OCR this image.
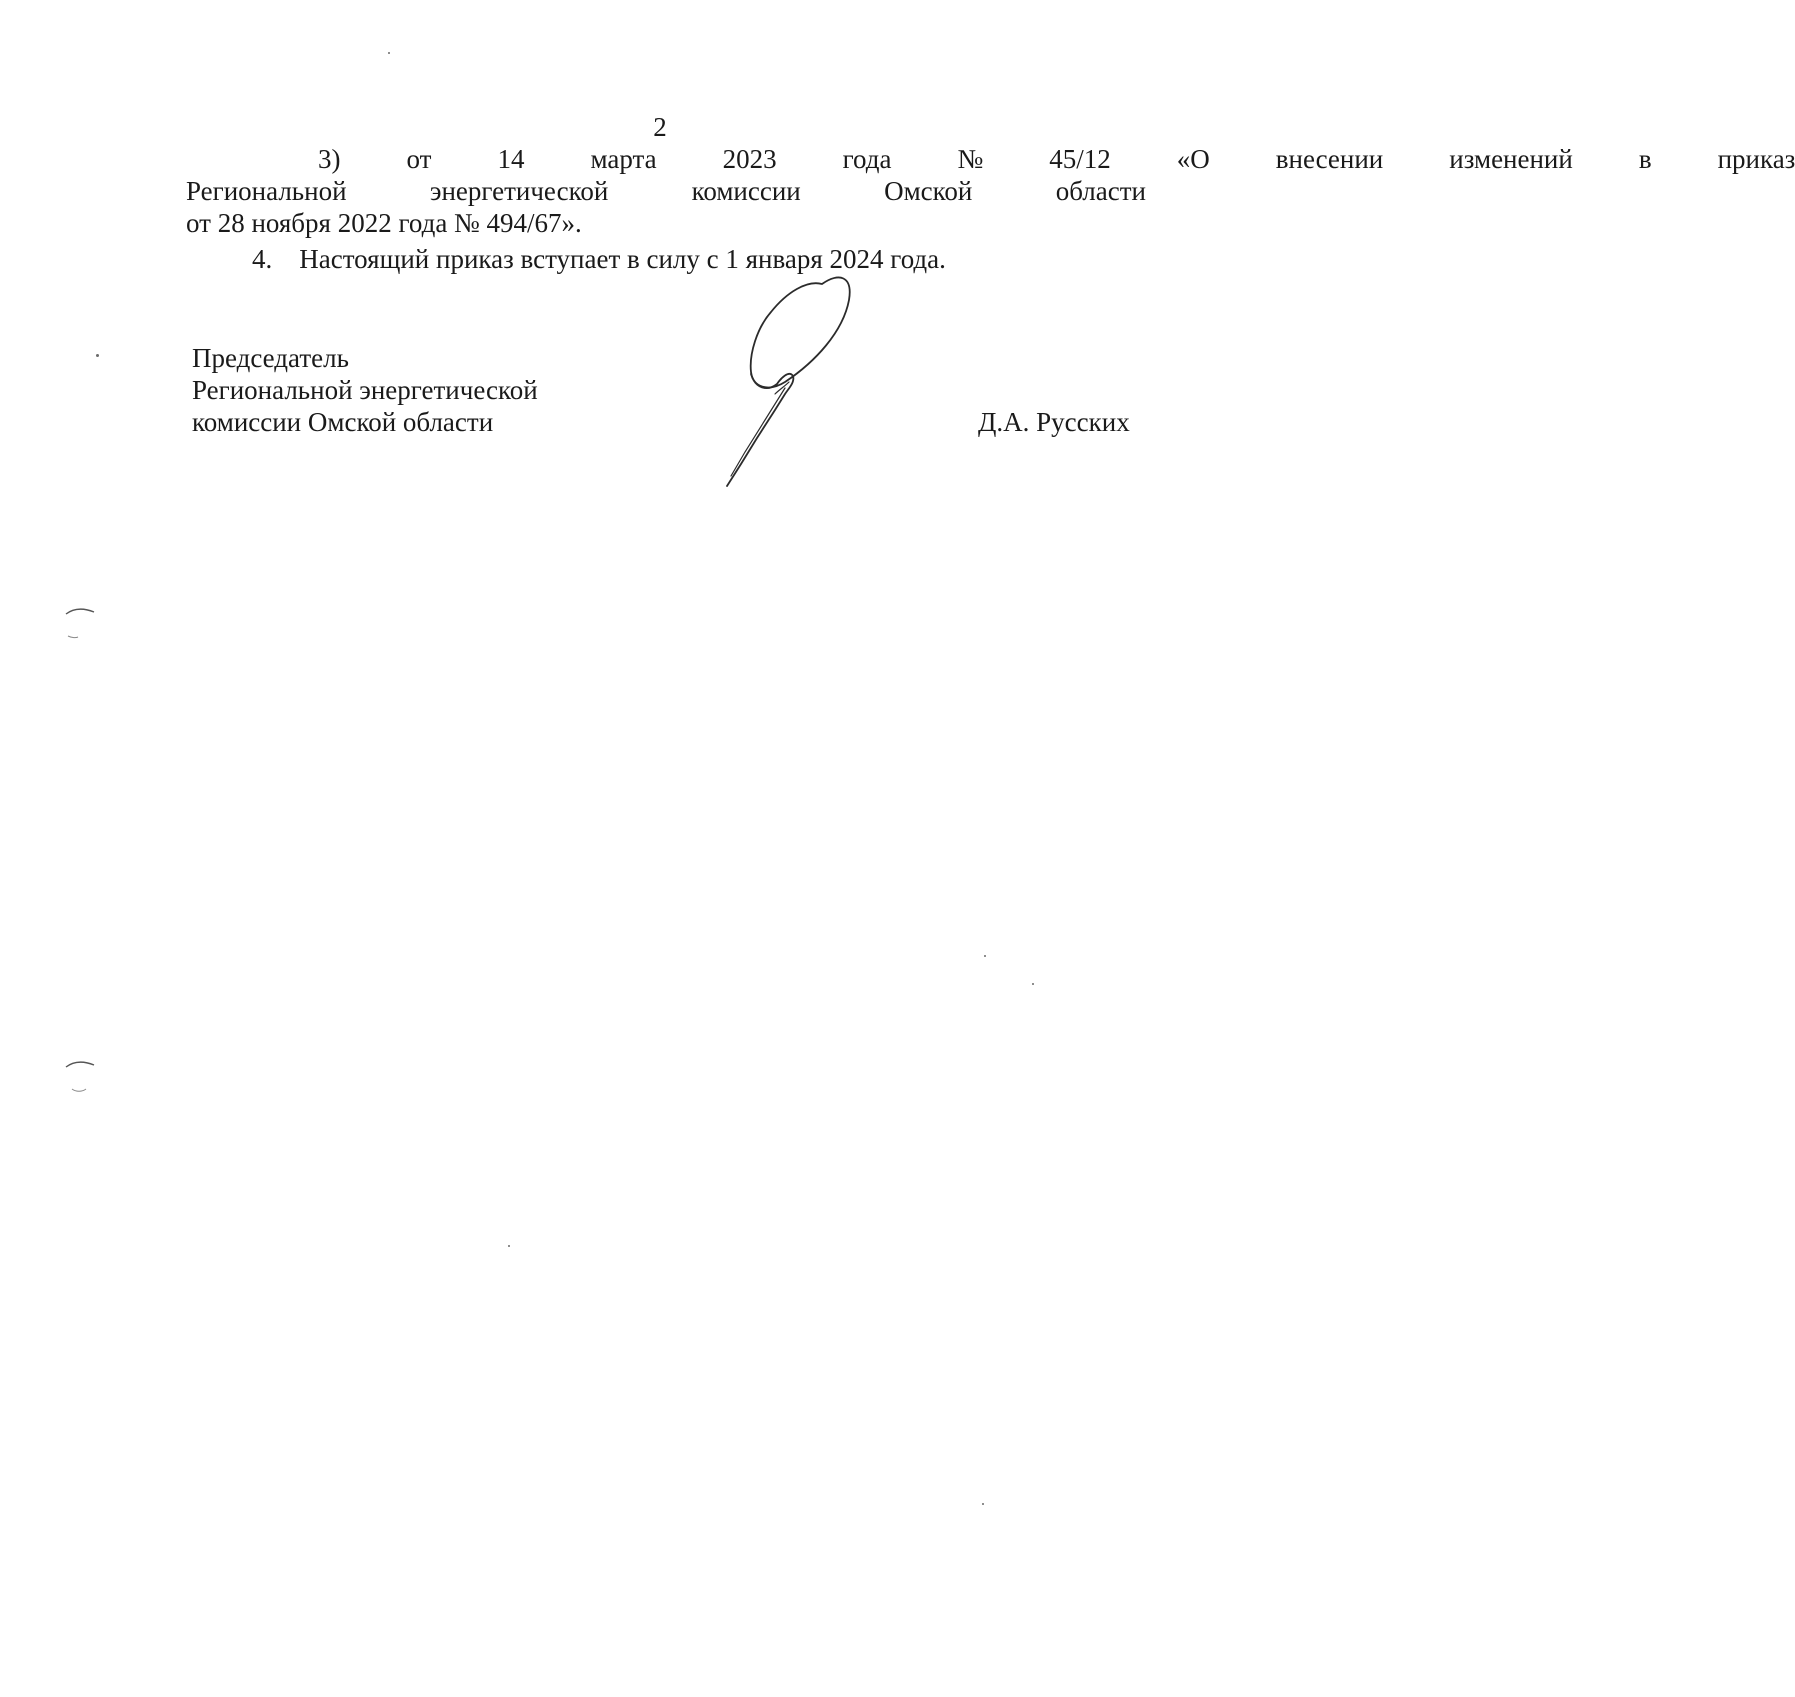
2
3)	от	14	марта	2023	года	№	45/12	«О	внесении	изменений	в	приказ
Региональной	энергетической	комиссии	Омской	области
от 28 ноября 2022 года № 494/67».
4. Настоящий приказ вступает в силу с 1 января 2024 года.
Председатель
Региональной энергетической
комиссии Омской области	Д.А. Русских
